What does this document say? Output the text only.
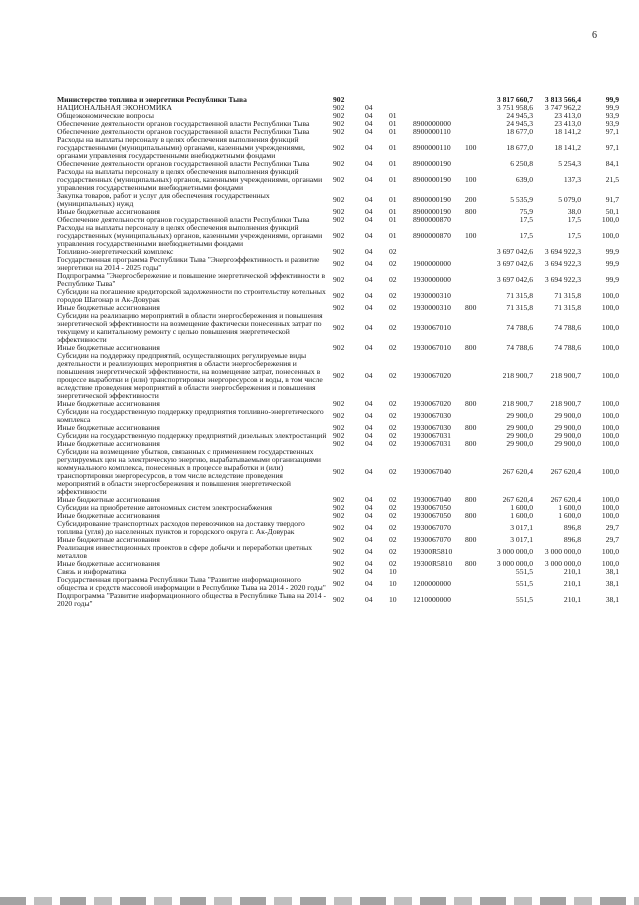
6
Министерство топлива и энергетики Республики Тыва	902					3 817 660,7	3 813 566,4	99,9
НАЦИОНАЛЬНАЯ ЭКОНОМИКА	902	04				3 751 958,6	3 747 962,2	99,9
Общеэкономические вопросы	902	04	01			24 945,3	23 413,0	93,9
Обеспечение деятельности органов государственной власти Республики Тыва	902	04	01	8900000000		24 945,3	23 413,0	93,9
Обеспечение деятельности органов государственной власти Республики Тыва	902	04	01	8900000110		18 677,0	18 141,2	97,1
Расходы на выплаты персоналу в целях обеспечения выполнения функций государственными (муниципальными) органами, казенными учреждениями, органами управления государственными внебюджетными фондами	902	04	01	8900000110	100	18 677,0	18 141,2	97,1
Обеспечение деятельности органов государственной власти Республики Тыва	902	04	01	8900000190		6 250,8	5 254,3	84,1
Расходы на выплаты персоналу в целях обеспечения выполнения функций государственных (муниципальных) органов, казенными учреждениями, органами управления государственными внебюджетными фондами	902	04	01	8900000190	100	639,0	137,3	21,5
Закупка товаров, работ и услуг для обеспечения государственных (муниципальных) нужд	902	04	01	8900000190	200	5 535,9	5 079,0	91,7
Иные бюджетные ассигнования	902	04	01	8900000190	800	75,9	38,0	50,1
Обеспечение деятельности органов государственной власти Республики Тыва	902	04	01	8900000870		17,5	17,5	100,0
Расходы на выплаты персоналу в целях обеспечения выполнения функций государственных (муниципальных) органов, казенными учреждениями, органами управления государственными внебюджетными фондами	902	04	01	8900000870	100	17,5	17,5	100,0
Топливно-энергетический комплекс	902	04	02			3 697 042,6	3 694 922,3	99,9
Государственная программа Республики Тыва "Энергоэффективность и развитие энергетики на 2014 - 2025 годы"	902	04	02	1900000000		3 697 042,6	3 694 922,3	99,9
Подпрограмма "Энергосбережение и повышение энергетической эффективности в Республике Тыва"	902	04	02	1930000000		3 697 042,6	3 694 922,3	99,9
Субсидии на погашение кредиторской задолженности по строительству котельных городов Шагонар и Ак-Довурак	902	04	02	1930000310		71 315,8	71 315,8	100,0
Иные бюджетные ассигнования	902	04	02	1930000310	800	71 315,8	71 315,8	100,0
Субсидии на реализацию мероприятий в области энергосбережения и повышения энергетической эффективности на возмещение фактически понесенных затрат по текущему и капитальному ремонту с целью повышения энергетической эффективности	902	04	02	1930067010		74 788,6	74 788,6	100,0
Иные бюджетные ассигнования	902	04	02	1930067010	800	74 788,6	74 788,6	100,0
Субсидии на поддержку предприятий, осуществляющих регулируемые виды деятельности и реализующих мероприятия в области энергосбережения и повышения энергетической эффективности, на возмещение затрат, понесенных в процессе выработки и (или) транспортировки энергоресурсов и воды, в том числе вследствие проведения мероприятий в области энергосбережения и повышения энергетической эффективности	902	04	02	1930067020		218 900,7	218 900,7	100,0
Иные бюджетные ассигнования	902	04	02	1930067020	800	218 900,7	218 900,7	100,0
Субсидии на государственную поддержку предприятия топливно-энергетического комплекса	902	04	02	1930067030		29 900,0	29 900,0	100,0
Иные бюджетные ассигнования	902	04	02	1930067030	800	29 900,0	29 900,0	100,0
Субсидии на государственную поддержку предприятий дизельных электростанций	902	04	02	1930067031		29 900,0	29 900,0	100,0
Иные бюджетные ассигнования	902	04	02	1930067031	800	29 900,0	29 900,0	100,0
Субсидии на возмещение убытков, связанных с применением государственных регулируемых цен на электрическую энергию, вырабатываемыми организациями коммунального комплекса, понесенных в процессе выработки и (или) транспортировки энергоресурсов, в том числе вследствие проведения мероприятий в области энергосбережения и повышения энергетической эффективности	902	04	02	1930067040		267 620,4	267 620,4	100,0
Иные бюджетные ассигнования	902	04	02	1930067040	800	267 620,4	267 620,4	100,0
Субсидии на приобретение автономных систем электроснабжения	902	04	02	1930067050		1 600,0	1 600,0	100,0
Иные бюджетные ассигнования	902	04	02	1930067050	800	1 600,0	1 600,0	100,0
Субсидирование транспортных расходов перевозчиков на доставку твердого топлива (угля) до населенных пунктов и городского округа г. Ак-Довурак	902	04	02	1930067070		3 017,1	896,8	29,7
Иные бюджетные ассигнования	902	04	02	1930067070	800	3 017,1	896,8	29,7
Реализация инвестиционных проектов в сфере добычи и переработки цветных металлов	902	04	02	19300R5810		3 000 000,0	3 000 000,0	100,0
Иные бюджетные ассигнования	902	04	02	19300R5810	800	3 000 000,0	3 000 000,0	100,0
Связь и информатика	902	04	10			551,5	210,1	38,1
Государственная программа Республики Тыва "Развитие информационного общества и средств массовой информации в Республике Тыва на 2014 - 2020 годы"	902	04	10	1200000000		551,5	210,1	38,1
Подпрограмма "Развитие информационного общества в Республике Тыва на 2014 - 2020 годы"	902	04	10	1210000000		551,5	210,1	38,1
